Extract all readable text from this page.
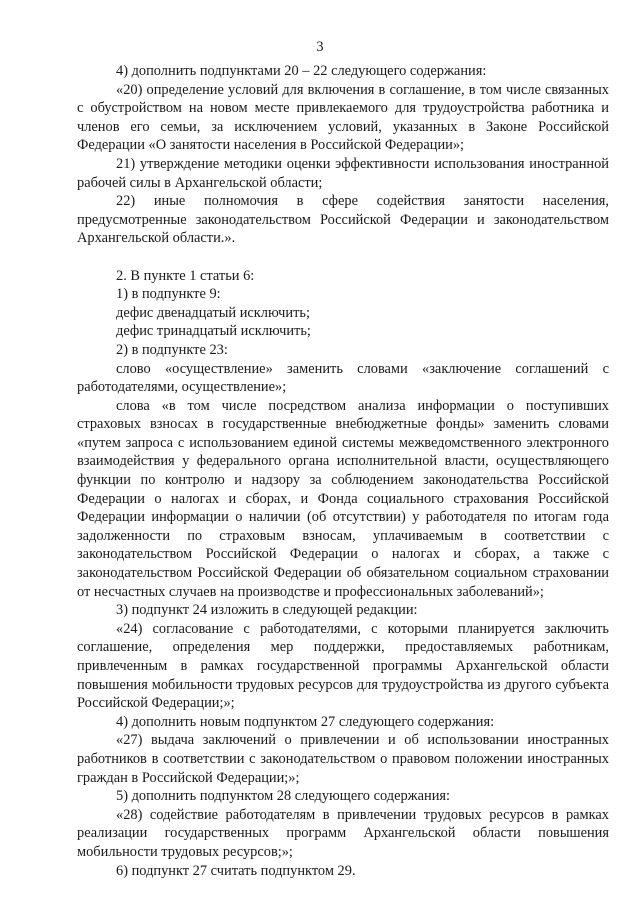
3

4) дополнить подпунктами 20 – 22 следующего содержания:

«20) определение условий для включения в соглашение, в том числе связанных с обустройством на новом месте привлекаемого для трудоустройства работника и членов его семьи, за исключением условий, указанных в Законе Российской Федерации «О занятости населения в Российской Федерации»;

21) утверждение методики оценки эффективности использования иностранной рабочей силы в Архангельской области;

22) иные полномочия в сфере содействия занятости населения, предусмотренные законодательством Российской Федерации и законодательством Архангельской области.».

2. В пункте 1 статьи 6:

1) в подпункте 9:

дефис двенадцатый исключить;

дефис тринадцатый исключить;

2) в подпункте 23:

слово «осуществление» заменить словами «заключение соглашений с работодателями, осуществление»;

слова «в том числе посредством анализа информации о поступивших страховых взносах в государственные внебюджетные фонды» заменить словами «путем запроса с использованием единой системы межведомственного электронного взаимодействия у федерального органа исполнительной власти, осуществляющего функции по контролю и надзору за соблюдением законодательства Российской Федерации о налогах и сборах, и Фонда социального страхования Российской Федерации информации о наличии (об отсутствии) у работодателя по итогам года задолженности по страховым взносам, уплачиваемым в соответствии с законодательством Российской Федерации о налогах и сборах, а также с законодательством Российской Федерации об обязательном социальном страховании от несчастных случаев на производстве и профессиональных заболеваний»;

3) подпункт 24 изложить в следующей редакции:

«24) согласование с работодателями, с которыми планируется заключить соглашение, определения мер поддержки, предоставляемых работникам, привлеченным в рамках государственной программы Архангельской области повышения мобильности трудовых ресурсов для трудоустройства из другого субъекта Российской Федерации;»;

4) дополнить новым подпунктом 27 следующего содержания:

«27) выдача заключений о привлечении и об использовании иностранных работников в соответствии с законодательством о правовом положении иностранных граждан в Российской Федерации;»;

5) дополнить подпунктом 28 следующего содержания:

«28) содействие работодателям в привлечении трудовых ресурсов в рамках реализации государственных программ Архангельской области повышения мобильности трудовых ресурсов;»;

6) подпункт 27 считать подпунктом 29.
